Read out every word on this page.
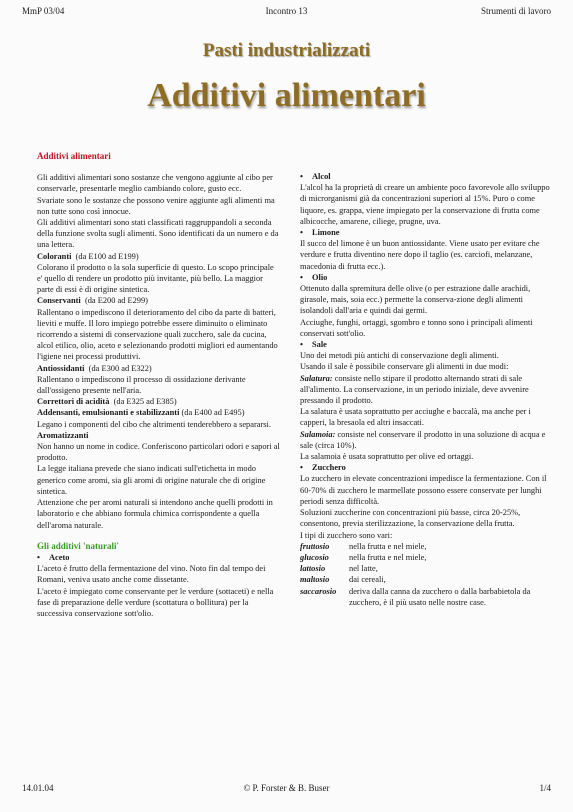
MmP 03/04	Incontro 13	Strumenti di lavoro
Pasti industrializzati
Additivi alimentari

Additivi alimentari

Gli additivi alimentari sono sostanze che vengono aggiunte al cibo per conservarle, presentarle meglio cambiando colore, gusto ecc.

Svariate sono le sostanze che possono venire aggiunte agli alimenti ma non tutte sono così innocue.

Gli additivi alimentari sono stati classificati raggruppandoli a seconda della funzione svolta sugli alimenti. Sono identificati da un numero e da una lettera.

Coloranti (da E100 ad E199)

Colorano il prodotto o la sola superficie di questo. Lo scopo principale e' quello di rendere un prodotto più invitante, più bello. La maggior parte di essi è di origine sintetica.

Conservanti (da E200 ad E299)

Rallentano o impediscono il deterioramento del cibo da parte di batteri, lieviti e muffe. Il loro impiego potrebbe essere diminuito o eliminato ricorrendo a sistemi di conservazione quali zucchero, sale da cucina, alcol etilico, olio, aceto e selezionando prodotti migliori ed aumentando l'igiene nei processi produttivi.

Antiossidanti (da E300 ad E322)

Rallentano o impediscono il processo di ossidazione derivante dall'ossigeno presente nell'aria.

Correttori di acidità (da E325 ad E385)

Addensanti, emulsionanti e stabilizzanti (da E400 ad E495)

Legano i componenti del cibo che altrimenti tenderebbero a separarsi.

Aromatizzanti

Non hanno un nome in codice. Conferiscono particolari odori e sapori al prodotto.

La legge italiana prevede che siano indicati sull'etichetta in modo generico come aromi, sia gli aromi di origine naturale che di origine sintetica.

Attenzione che per aromi naturali si intendono anche quelli prodotti in laboratorio e che abbiano formula chimica corrispondente a quella dell'aroma naturale.

Gli additivi 'naturali'

• Aceto

L'aceto è frutto della fermentazione del vino. Noto fin dal tempo dei Romani, veniva usato anche come dissetante.

L'aceto è impiegato come conservante per le verdure (sottaceti) e nella fase di preparazione delle verdure (scottatura o bollitura) per la successiva conservazione sott'olio.

• Alcol

L'alcol ha la proprietà di creare un ambiente poco favorevole allo sviluppo di microrganismi già da concentrazioni superiori al 15%. Puro o come liquore, es. grappa, viene impiegato per la conservazione di frutta come albicocche, amarene, ciliege, prugne, uva.

• Limone

Il succo del limone è un buon antiossidante. Viene usato per evitare che verdure e frutta diventino nere dopo il taglio (es. carciofi, melanzane, macedonia di frutta ecc.).

• Olio

Ottenuto dalla spremitura delle olive (o per estrazione dalle arachidi, girasole, mais, soia ecc.) permette la conserva-zione degli alimenti isolandoli dall'aria e quindi dai germi.

Acciughe, funghi, ortaggi, sgombro e tonno sono i principali alimenti conservati sott'olio.

• Sale

Uno dei metodi più antichi di conservazione degli alimenti.

Usando il sale è possibile conservare gli alimenti in due modi:

Salatura: consiste nello stipare il prodotto alternando strati di sale all'alimento. La conservazione, in un periodo iniziale, deve avvenire pressando il prodotto.

La salatura è usata soprattutto per acciughe e baccalà, ma anche per i capperi, la bresaola ed altri insaccati.

Salamoia: consiste nel conservare il prodotto in una soluzione di acqua e sale (circa 10%).

La salamoia è usata soprattutto per olive ed ortaggi.

• Zucchero

Lo zucchero in elevate concentrazioni impedisce la fermentazione. Con il 60-70% di zucchero le marmellate possono essere conservate per lunghi periodi senza difficoltà.

Soluzioni zuccherine con concentrazioni più basse, circa 20-25%, consentono, previa sterilizzazione, la conservazione della frutta.

I tipi di zucchero sono vari:

fruttosio	nella frutta e nel miele,
glucosio	nella frutta e nel miele,
lattosio	nel latte,
maltosio	dai cereali,
saccarosio	deriva dalla canna da zucchero o dalla barbabietola da zucchero, è il più usato nelle nostre case.
14.01.04	© P. Forster & B. Buser	1/4
